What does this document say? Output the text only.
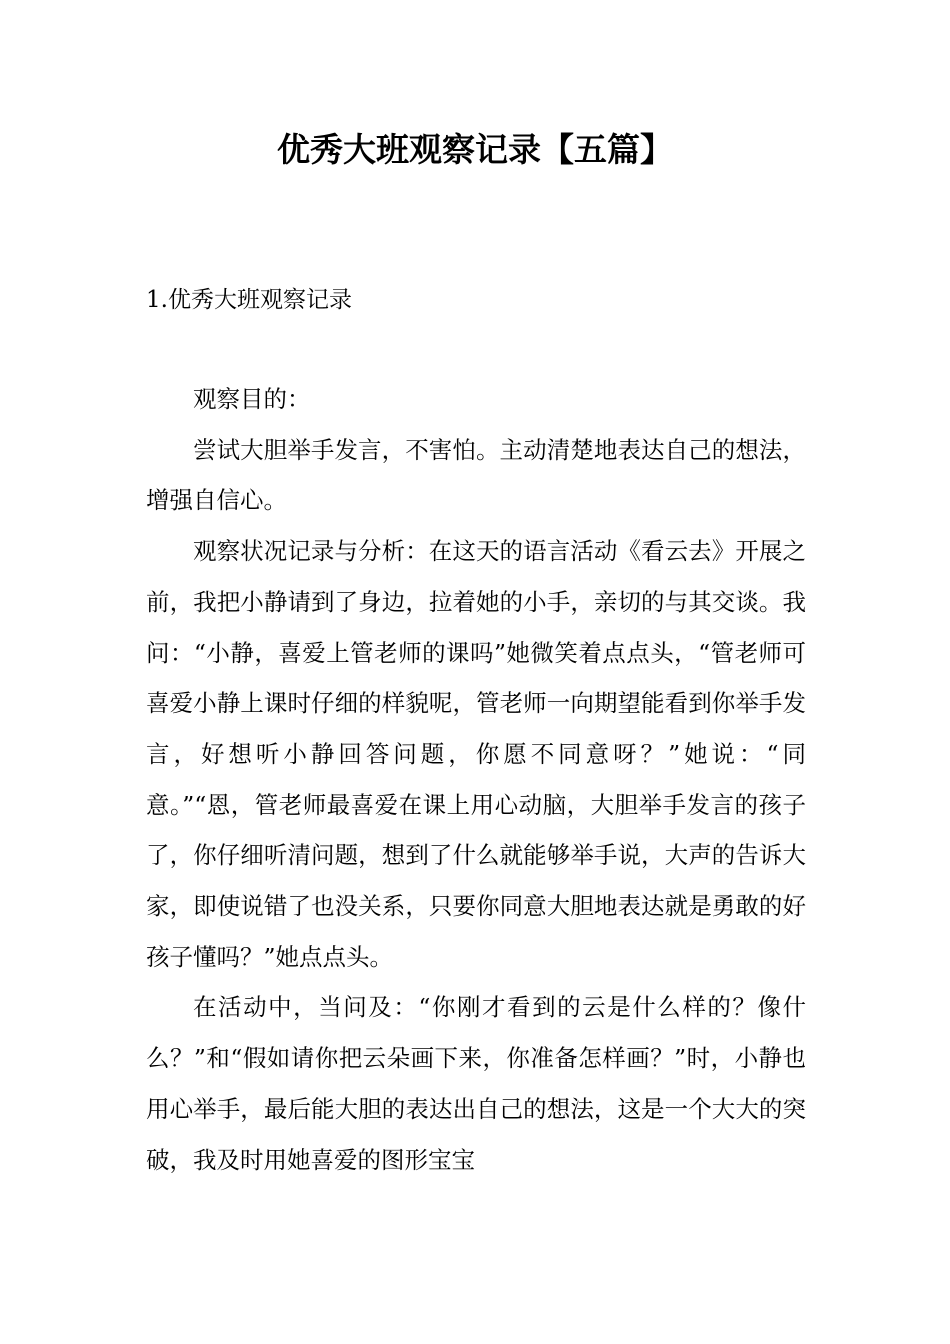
优秀大班观察记录【五篇】
1.优秀大班观察记录

观察目的：

尝试大胆举手发言，不害怕。主动清楚地表达自己的想法，增强自信心。

观察状况记录与分析：在这天的语言活动《看云去》开展之前，我把小静请到了身边，拉着她的小手，亲切的与其交谈。我问：“小静，喜爱上管老师的课吗”她微笑着点点头，“管老师可喜爱小静上课时仔细的样貌呢，管老师一向期望能看到你举手发言，好想听小静回答问题，你愿不同意呀？”她说：“同意。”“恩，管老师最喜爱在课上用心动脑，大胆举手发言的孩子了，你仔细听清问题，想到了什么就能够举手说，大声的告诉大家，即使说错了也没关系，只要你同意大胆地表达就是勇敢的好孩子懂吗？”她点点头。

在活动中，当问及：“你刚才看到的云是什么样的？像什么？”和“假如请你把云朵画下来，你准备怎样画？”时，小静也用心举手，最后能大胆的表达出自己的想法，这是一个大大的突破，我及时用她喜爱的图形宝宝
